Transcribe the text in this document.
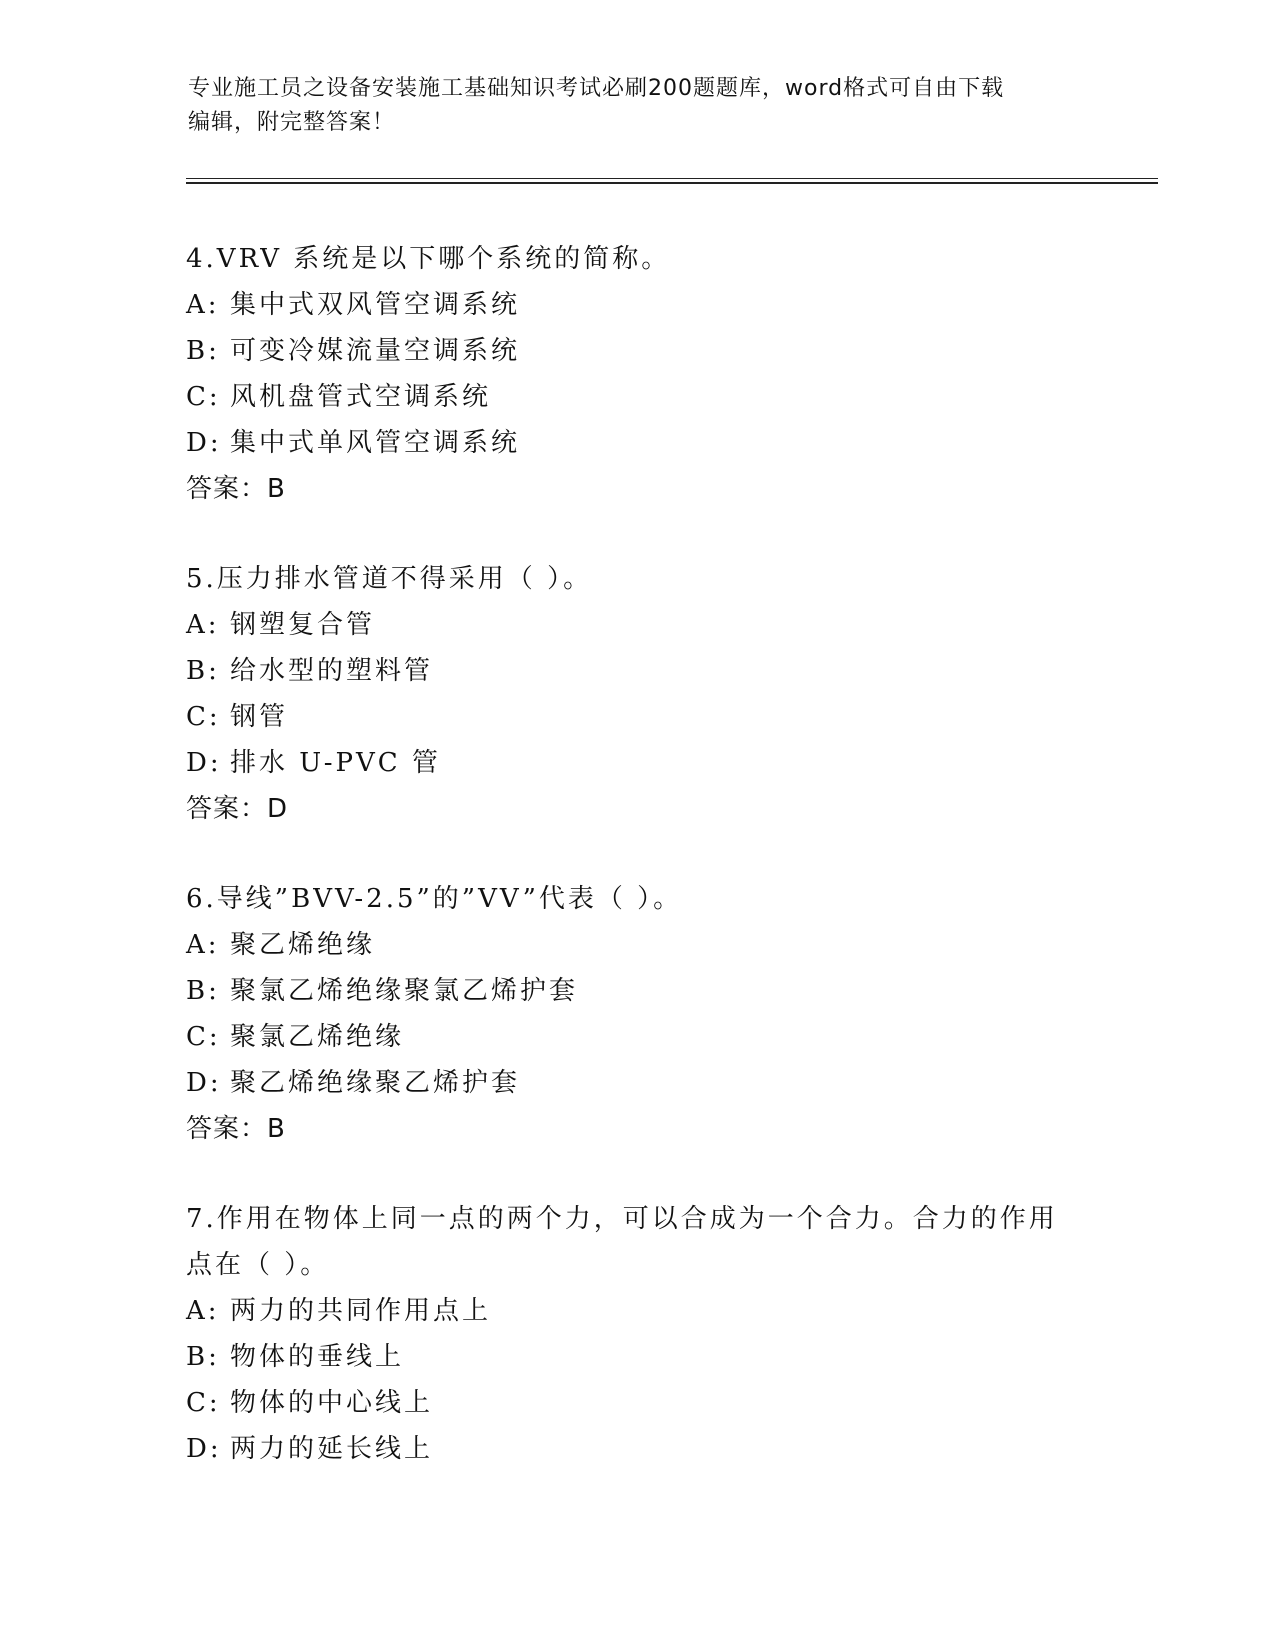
专业施工员之设备安装施工基础知识考试必刷200题题库，word格式可自由下载
编辑，附完整答案！
4.VRV 系统是以下哪个系统的简称。
A: 集中式双风管空调系统
B: 可变冷媒流量空调系统
C: 风机盘管式空调系统
D: 集中式单风管空调系统
答案：B
5.压力排水管道不得采用（ ）。
A: 钢塑复合管
B: 给水型的塑料管
C: 钢管
D: 排水 U-PVC 管
答案：D
6.导线”BVV-2.5”的”VV”代表（ ）。
A: 聚乙烯绝缘
B: 聚氯乙烯绝缘聚氯乙烯护套
C: 聚氯乙烯绝缘
D: 聚乙烯绝缘聚乙烯护套
答案：B
7.作用在物体上同一点的两个力，可以合成为一个合力。合力的作用
点在（ ）。
A: 两力的共同作用点上
B: 物体的垂线上
C: 物体的中心线上
D: 两力的延长线上
